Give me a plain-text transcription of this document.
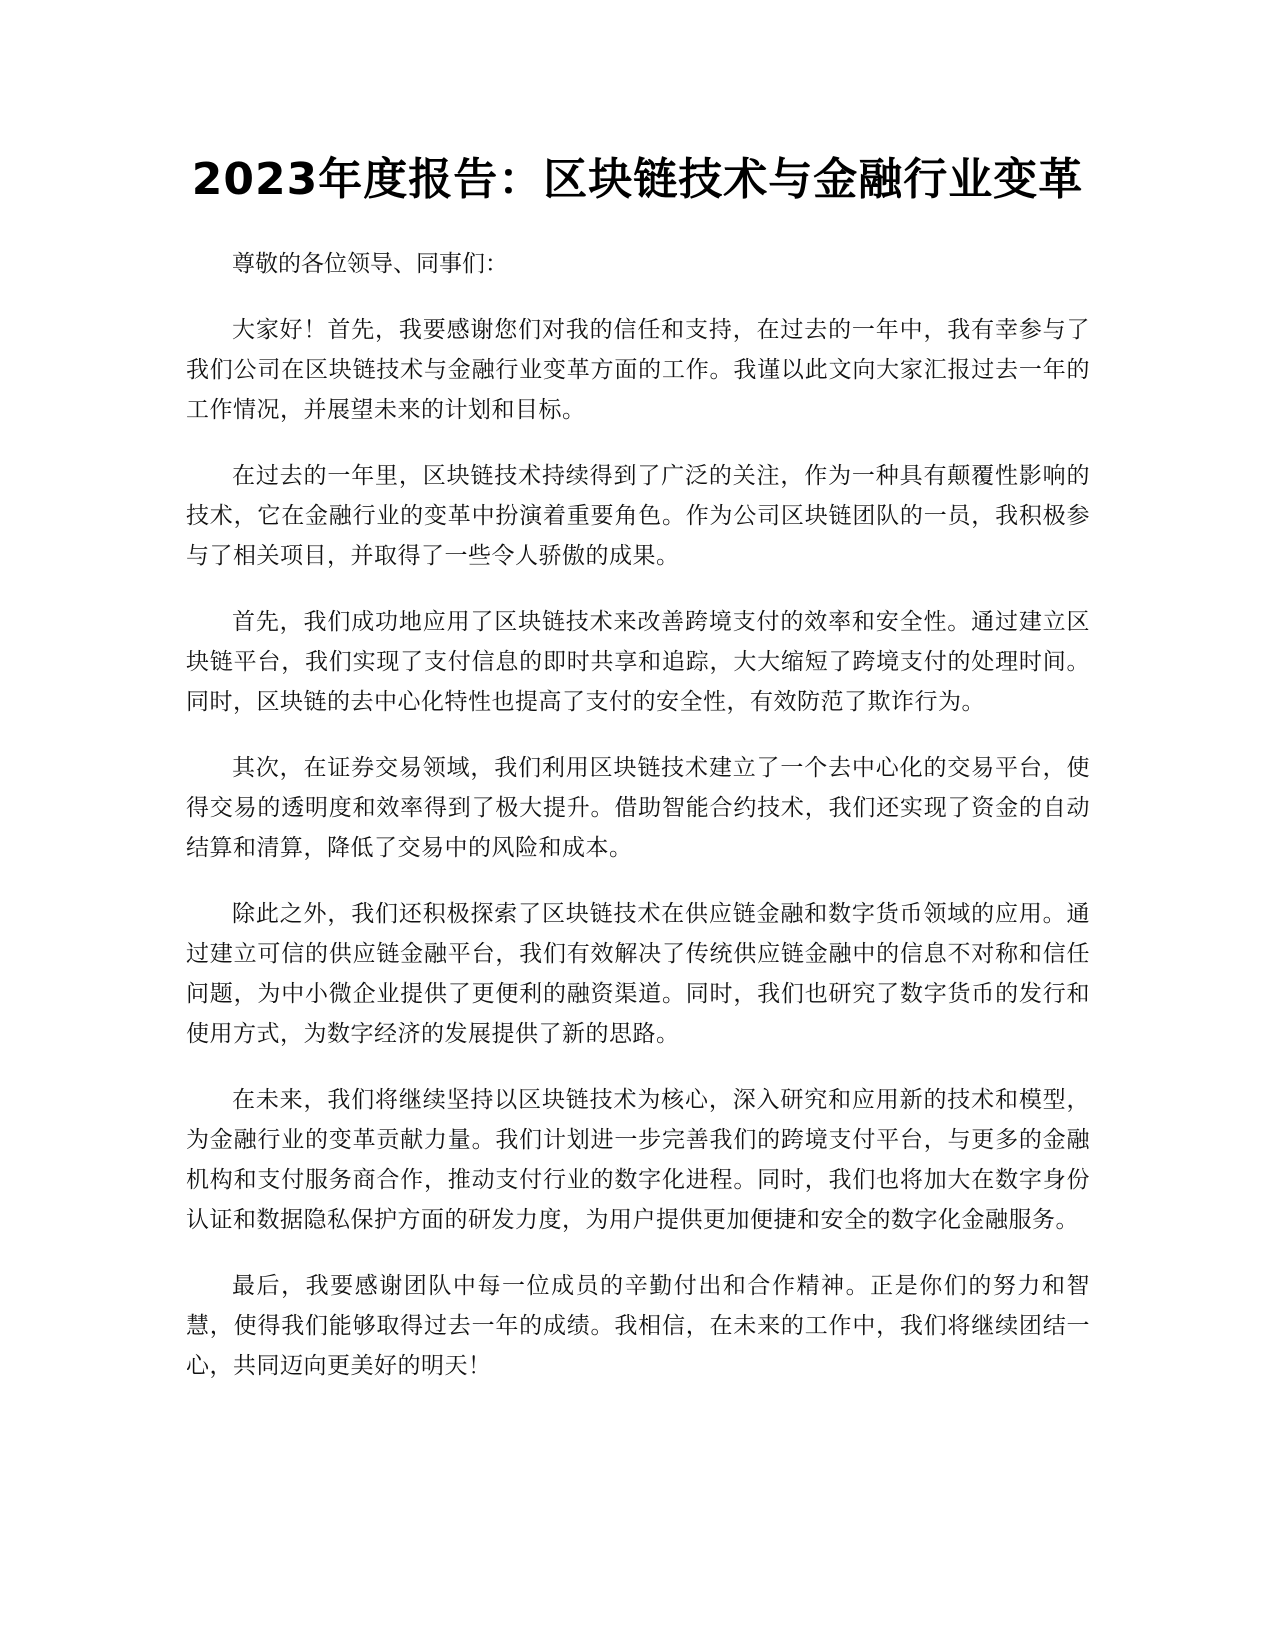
2023年度报告：区块链技术与金融行业变革

尊敬的各位领导、同事们：

大家好！首先，我要感谢您们对我的信任和支持，在过去的一年中，我有幸参与了我们公司在区块链技术与金融行业变革方面的工作。我谨以此文向大家汇报过去一年的工作情况，并展望未来的计划和目标。

在过去的一年里，区块链技术持续得到了广泛的关注，作为一种具有颠覆性影响的技术，它在金融行业的变革中扮演着重要角色。作为公司区块链团队的一员，我积极参与了相关项目，并取得了一些令人骄傲的成果。

首先，我们成功地应用了区块链技术来改善跨境支付的效率和安全性。通过建立区块链平台，我们实现了支付信息的即时共享和追踪，大大缩短了跨境支付的处理时间。同时，区块链的去中心化特性也提高了支付的安全性，有效防范了欺诈行为。

其次，在证券交易领域，我们利用区块链技术建立了一个去中心化的交易平台，使得交易的透明度和效率得到了极大提升。借助智能合约技术，我们还实现了资金的自动结算和清算，降低了交易中的风险和成本。

除此之外，我们还积极探索了区块链技术在供应链金融和数字货币领域的应用。通过建立可信的供应链金融平台，我们有效解决了传统供应链金融中的信息不对称和信任问题，为中小微企业提供了更便利的融资渠道。同时，我们也研究了数字货币的发行和使用方式，为数字经济的发展提供了新的思路。

在未来，我们将继续坚持以区块链技术为核心，深入研究和应用新的技术和模型，为金融行业的变革贡献力量。我们计划进一步完善我们的跨境支付平台，与更多的金融机构和支付服务商合作，推动支付行业的数字化进程。同时，我们也将加大在数字身份认证和数据隐私保护方面的研发力度，为用户提供更加便捷和安全的数字化金融服务。

最后，我要感谢团队中每一位成员的辛勤付出和合作精神。正是你们的努力和智慧，使得我们能够取得过去一年的成绩。我相信，在未来的工作中，我们将继续团结一心，共同迈向更美好的明天！
